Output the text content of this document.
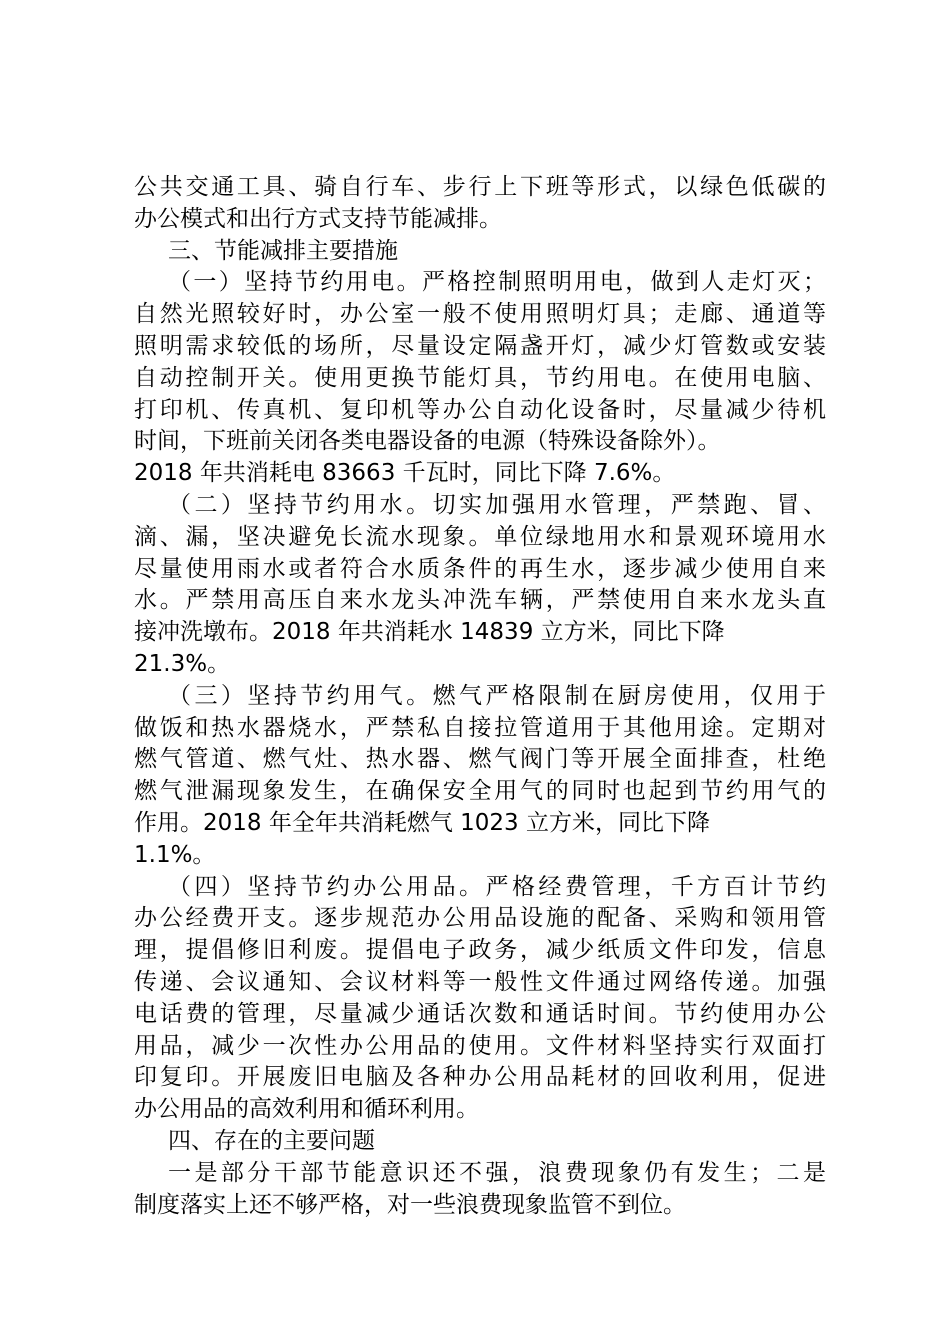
公共交通工具、骑自行车、步行上下班等形式，以绿色低碳的
办公模式和出行方式支持节能减排。
三、节能减排主要措施
（一）坚持节约用电。严格控制照明用电，做到人走灯灭；
自然光照较好时，办公室一般不使用照明灯具；走廊、通道等
照明需求较低的场所，尽量设定隔盏开灯，减少灯管数或安装
自动控制开关。使用更换节能灯具，节约用电。在使用电脑、
打印机、传真机、复印机等办公自动化设备时，尽量减少待机
时间，下班前关闭各类电器设备的电源（特殊设备除外）。
2018 年共消耗电 83663 千瓦时，同比下降 7.6%。
（二）坚持节约用水。切实加强用水管理，严禁跑、冒、
滴、漏，坚决避免长流水现象。单位绿地用水和景观环境用水
尽量使用雨水或者符合水质条件的再生水，逐步减少使用自来
水。严禁用高压自来水龙头冲洗车辆，严禁使用自来水龙头直
接冲洗墩布。2018 年共消耗水 14839 立方米，同比下降
21.3%。
（三）坚持节约用气。燃气严格限制在厨房使用，仅用于
做饭和热水器烧水，严禁私自接拉管道用于其他用途。定期对
燃气管道、燃气灶、热水器、燃气阀门等开展全面排查，杜绝
燃气泄漏现象发生，在确保安全用气的同时也起到节约用气的
作用。2018 年全年共消耗燃气 1023 立方米，同比下降
1.1%。
（四）坚持节约办公用品。严格经费管理，千方百计节约
办公经费开支。逐步规范办公用品设施的配备、采购和领用管
理，提倡修旧利废。提倡电子政务，减少纸质文件印发，信息
传递、会议通知、会议材料等一般性文件通过网络传递。加强
电话费的管理，尽量减少通话次数和通话时间。节约使用办公
用品，减少一次性办公用品的使用。文件材料坚持实行双面打
印复印。开展废旧电脑及各种办公用品耗材的回收利用，促进
办公用品的高效利用和循环利用。
四、存在的主要问题
一是部分干部节能意识还不强，浪费现象仍有发生；二是
制度落实上还不够严格，对一些浪费现象监管不到位。
